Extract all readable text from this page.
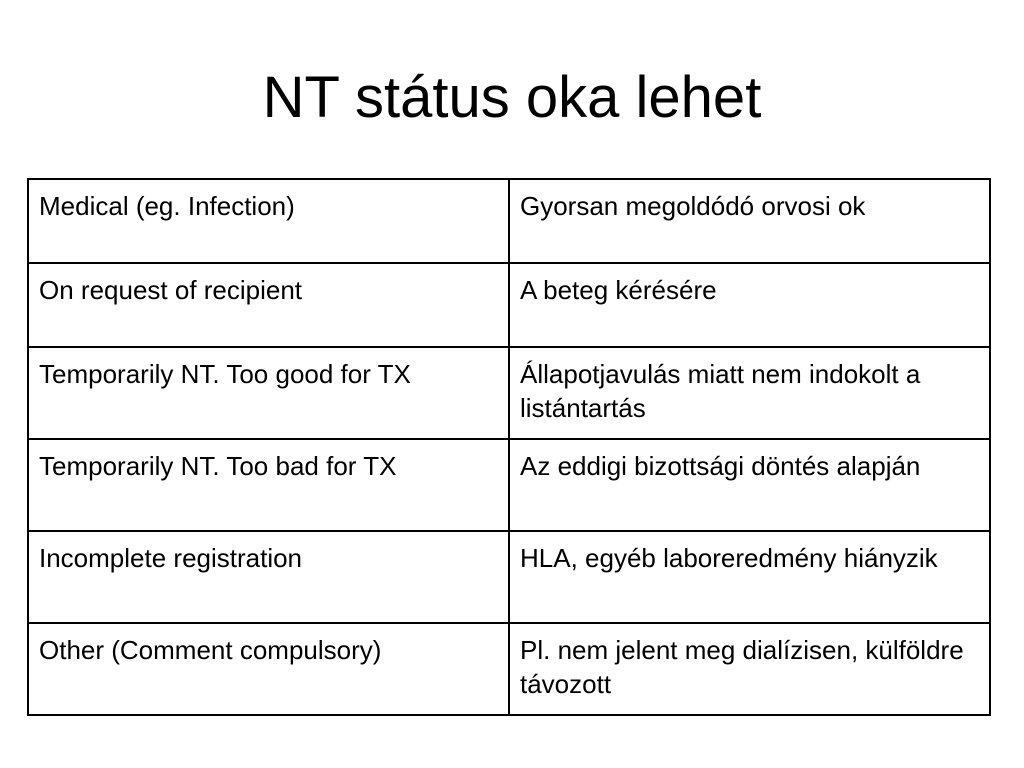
NT státus oka lehet
Medical (eg. Infection)	Gyorsan megoldódó orvosi ok
On request of recipient	A beteg kérésére
Temporarily NT. Too good for TX	Állapotjavulás miatt nem indokolt a listántartás
Temporarily NT. Too bad for TX	Az eddigi bizottsági döntés alapján
Incomplete registration	HLA, egyéb laboreredmény hiányzik
Other (Comment compulsory)	Pl. nem jelent meg dialízisen, külföldre távozott
